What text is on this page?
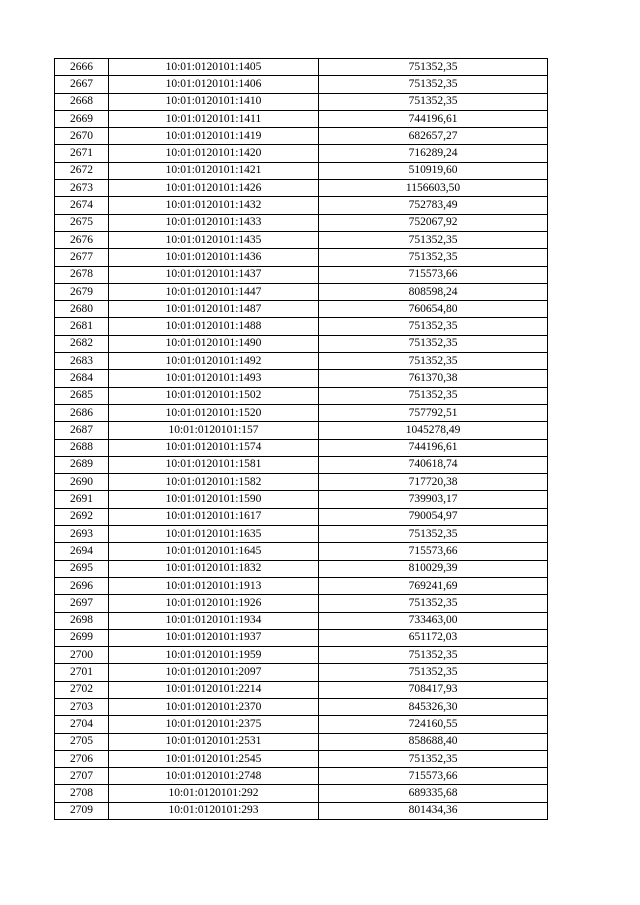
2666	10:01:0120101:1405	751352,35
2667	10:01:0120101:1406	751352,35
2668	10:01:0120101:1410	751352,35
2669	10:01:0120101:1411	744196,61
2670	10:01:0120101:1419	682657,27
2671	10:01:0120101:1420	716289,24
2672	10:01:0120101:1421	510919,60
2673	10:01:0120101:1426	1156603,50
2674	10:01:0120101:1432	752783,49
2675	10:01:0120101:1433	752067,92
2676	10:01:0120101:1435	751352,35
2677	10:01:0120101:1436	751352,35
2678	10:01:0120101:1437	715573,66
2679	10:01:0120101:1447	808598,24
2680	10:01:0120101:1487	760654,80
2681	10:01:0120101:1488	751352,35
2682	10:01:0120101:1490	751352,35
2683	10:01:0120101:1492	751352,35
2684	10:01:0120101:1493	761370,38
2685	10:01:0120101:1502	751352,35
2686	10:01:0120101:1520	757792,51
2687	10:01:0120101:157	1045278,49
2688	10:01:0120101:1574	744196,61
2689	10:01:0120101:1581	740618,74
2690	10:01:0120101:1582	717720,38
2691	10:01:0120101:1590	739903,17
2692	10:01:0120101:1617	790054,97
2693	10:01:0120101:1635	751352,35
2694	10:01:0120101:1645	715573,66
2695	10:01:0120101:1832	810029,39
2696	10:01:0120101:1913	769241,69
2697	10:01:0120101:1926	751352,35
2698	10:01:0120101:1934	733463,00
2699	10:01:0120101:1937	651172,03
2700	10:01:0120101:1959	751352,35
2701	10:01:0120101:2097	751352,35
2702	10:01:0120101:2214	708417,93
2703	10:01:0120101:2370	845326,30
2704	10:01:0120101:2375	724160,55
2705	10:01:0120101:2531	858688,40
2706	10:01:0120101:2545	751352,35
2707	10:01:0120101:2748	715573,66
2708	10:01:0120101:292	689335,68
2709	10:01:0120101:293	801434,36
